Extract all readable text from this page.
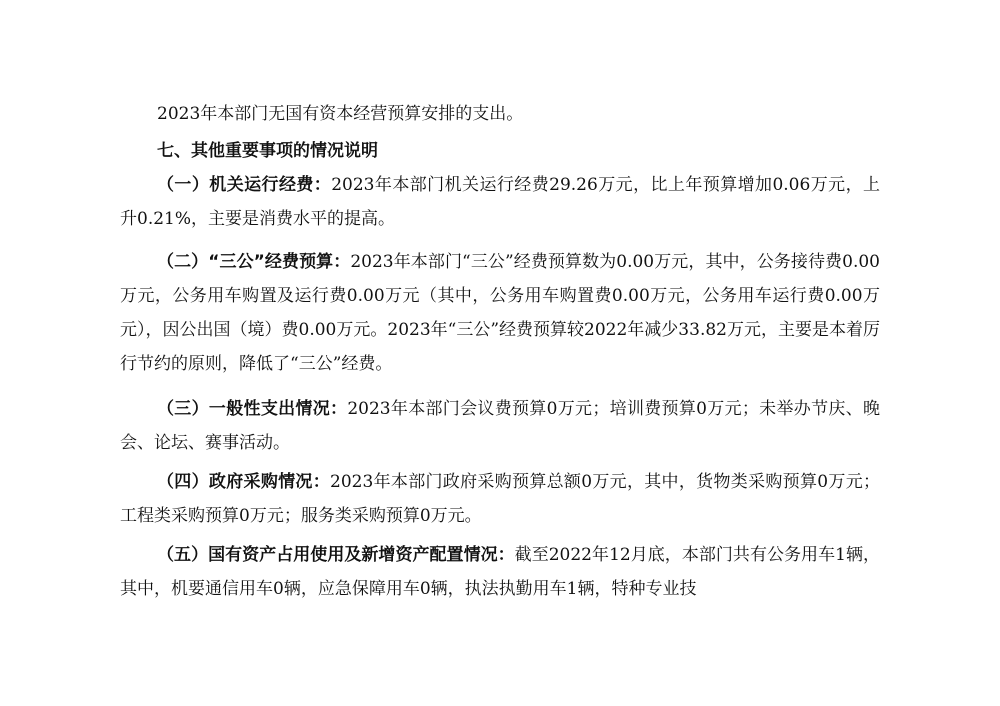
2023年本部门无国有资本经营预算安排的支出。

七、其他重要事项的情况说明

（一）机关运行经费：2023年本部门机关运行经费29.26万元，比上年预算增加0.06万元，上升0.21%，主要是消费水平的提高。

（二）“三公”经费预算：2023年本部门“三公”经费预算数为0.00万元，其中，公务接待费0.00万元，公务用车购置及运行费0.00万元（其中，公务用车购置费0.00万元，公务用车运行费0.00万元），因公出国（境）费0.00万元。2023年“三公”经费预算较2022年减少33.82万元，主要是本着厉行节约的原则，降低了“三公”经费。

（三）一般性支出情况：2023年本部门会议费预算0万元；培训费预算0万元；未举办节庆、晚会、论坛、赛事活动。

（四）政府采购情况：2023年本部门政府采购预算总额0万元，其中，货物类采购预算0万元；工程类采购预算0万元；服务类采购预算0万元。

（五）国有资产占用使用及新增资产配置情况：截至2022年12月底，本部门共有公务用车1辆，其中，机要通信用车0辆，应急保障用车0辆，执法执勤用车1辆，特种专业技
